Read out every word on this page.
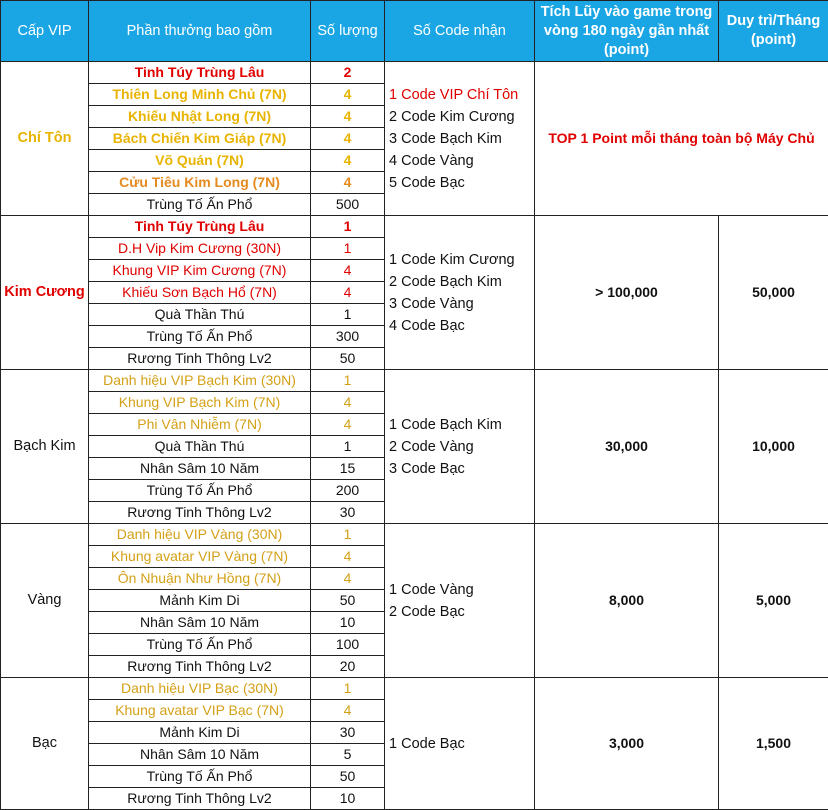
Cấp VIP	Phần thưởng bao gồm	Số lượng	Số Code nhận	Tích Lũy vào game trong vòng 180 ngày gần nhất (point)	Duy trì/Tháng (point)
Chí Tôn	Tinh Túy Trùng Lâu	2	1 Code VIP Chí Tôn
2 Code Kim Cương
3 Code Bạch Kim
4 Code Vàng
5 Code Bạc	TOP 1 Point mỗi tháng toàn bộ Máy Chủ	
	Thiên Long Minh Chủ (7N)	4			
	Khiếu Nhật Long (7N)	4			
	Bách Chiến Kim Giáp (7N)	4			
	Võ Quán (7N)	4			
	Cửu Tiêu Kim Long (7N)	4			
	Trùng Tố Ấn Phổ	500			
Kim Cương	Tinh Túy Trùng Lâu	1	1 Code Kim Cương
2 Code Bạch Kim
3 Code Vàng
4 Code Bạc	> 100,000	50,000
	D.H Vip Kim Cương (30N)	1			
	Khung VIP Kim Cương (7N)	4			
	Khiếu Sơn Bạch Hổ (7N)	4			
	Quà Thần Thú	1			
	Trùng Tố Ấn Phổ	300			
	Rương Tinh Thông Lv2	50			
Bạch Kim	Danh hiệu VIP Bạch Kim (30N)	1	1 Code Bạch Kim
2 Code Vàng
3 Code Bạc	30,000	10,000
	Khung VIP Bạch Kim (7N)	4			
	Phi Vân Nhiễm (7N)	4			
	Quà Thần Thú	1			
	Nhân Sâm 10 Năm	15			
	Trùng Tố Ấn Phổ	200			
	Rương Tinh Thông Lv2	30			
Vàng	Danh hiệu VIP Vàng (30N)	1	1 Code Vàng
2 Code Bạc	8,000	5,000
	Khung avatar VIP Vàng (7N)	4			
	Ôn Nhuận Như Hồng (7N)	4			
	Mảnh Kim Di	50			
	Nhân Sâm 10 Năm	10			
	Trùng Tố Ấn Phổ	100			
	Rương Tinh Thông Lv2	20			
Bạc	Danh hiệu VIP Bạc (30N)	1	1 Code Bạc	3,000	1,500
	Khung avatar VIP Bạc (7N)	4			
	Mảnh Kim Di	30			
	Nhân Sâm 10 Năm	5			
	Trùng Tố Ấn Phổ	50			
	Rương Tinh Thông Lv2	10			
